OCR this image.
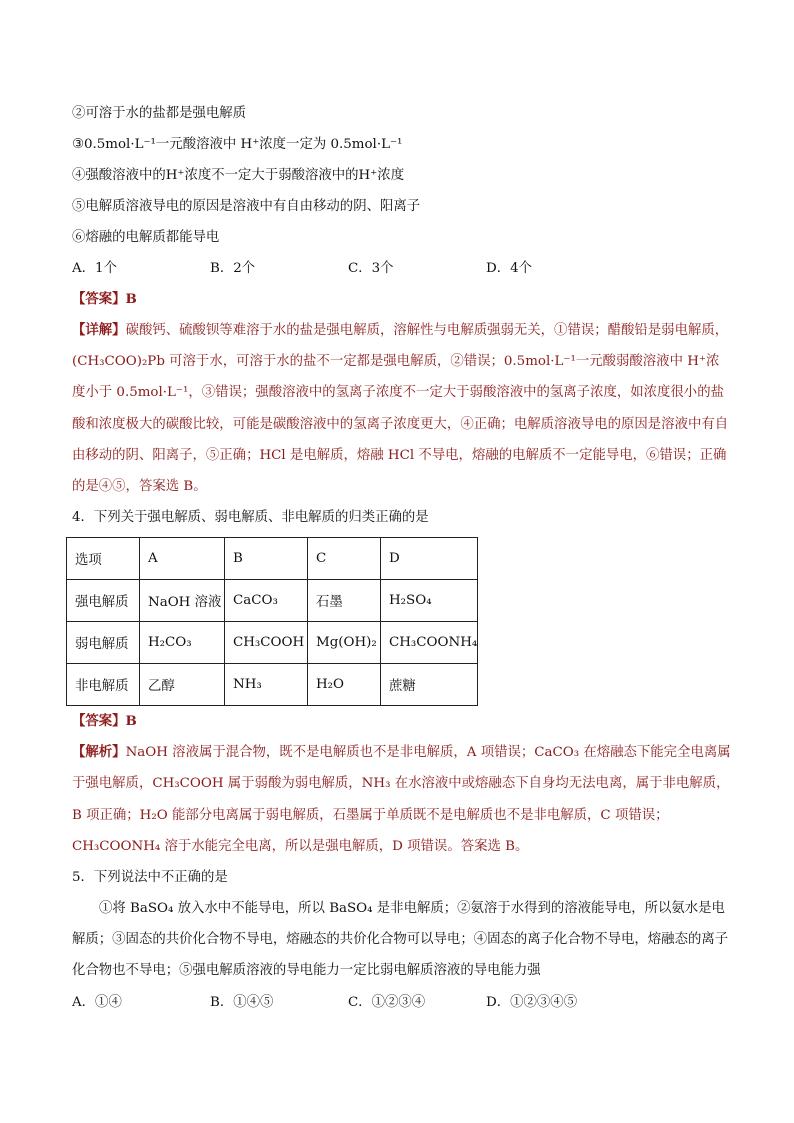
②可溶于水的盐都是强电解质
③0.5mol·L⁻¹一元酸溶液中 H⁺浓度一定为 0.5mol·L⁻¹
④强酸溶液中的H⁺浓度不一定大于弱酸溶液中的H⁺浓度
⑤电解质溶液导电的原因是溶液中有自由移动的阴、阳离子
⑥熔融的电解质都能导电
A．1个	B．2个	C．3个	D．4个
【答案】B
【详解】碳酸钙、硫酸钡等难溶于水的盐是强电解质，溶解性与电解质强弱无关，①错误；醋酸铅是弱电解质，(CH₃COO)₂Pb 可溶于水，可溶于水的盐不一定都是强电解质，②错误；0.5mol·L⁻¹一元酸弱酸溶液中 H⁺浓度小于 0.5mol·L⁻¹，③错误；强酸溶液中的氢离子浓度不一定大于弱酸溶液中的氢离子浓度，如浓度很小的盐酸和浓度极大的碳酸比较，可能是碳酸溶液中的氢离子浓度更大，④正确；电解质溶液导电的原因是溶液中有自由移动的阴、阳离子，⑤正确；HCl 是电解质，熔融 HCl 不导电，熔融的电解质不一定能导电，⑥错误；正确的是④⑤，答案选 B。
4．下列关于强电解质、弱电解质、非电解质的归类正确的是
选项	A	B	C	D
强电解质	NaOH 溶液	CaCO₃	石墨	H₂SO₄
弱电解质	H₂CO₃	CH₃COOH	Mg(OH)₂	CH₃COONH₄
非电解质	乙醇	NH₃	H₂O	蔗糖
【答案】B
【解析】NaOH 溶液属于混合物，既不是电解质也不是非电解质，A 项错误；CaCO₃ 在熔融态下能完全电离属于强电解质，CH₃COOH 属于弱酸为弱电解质，NH₃ 在水溶液中或熔融态下自身均无法电离，属于非电解质，B 项正确；H₂O 能部分电离属于弱电解质，石墨属于单质既不是电解质也不是非电解质，C 项错误；CH₃COONH₄ 溶于水能完全电离，所以是强电解质，D 项错误。答案选 B。
5．下列说法中不正确的是
①将 BaSO₄ 放入水中不能导电，所以 BaSO₄ 是非电解质；②氨溶于水得到的溶液能导电，所以氨水是电解质；③固态的共价化合物不导电，熔融态的共价化合物可以导电；④固态的离子化合物不导电，熔融态的离子化合物也不导电；⑤强电解质溶液的导电能力一定比弱电解质溶液的导电能力强
A．①④	B．①④⑤	C．①②③④	D．①②③④⑤
